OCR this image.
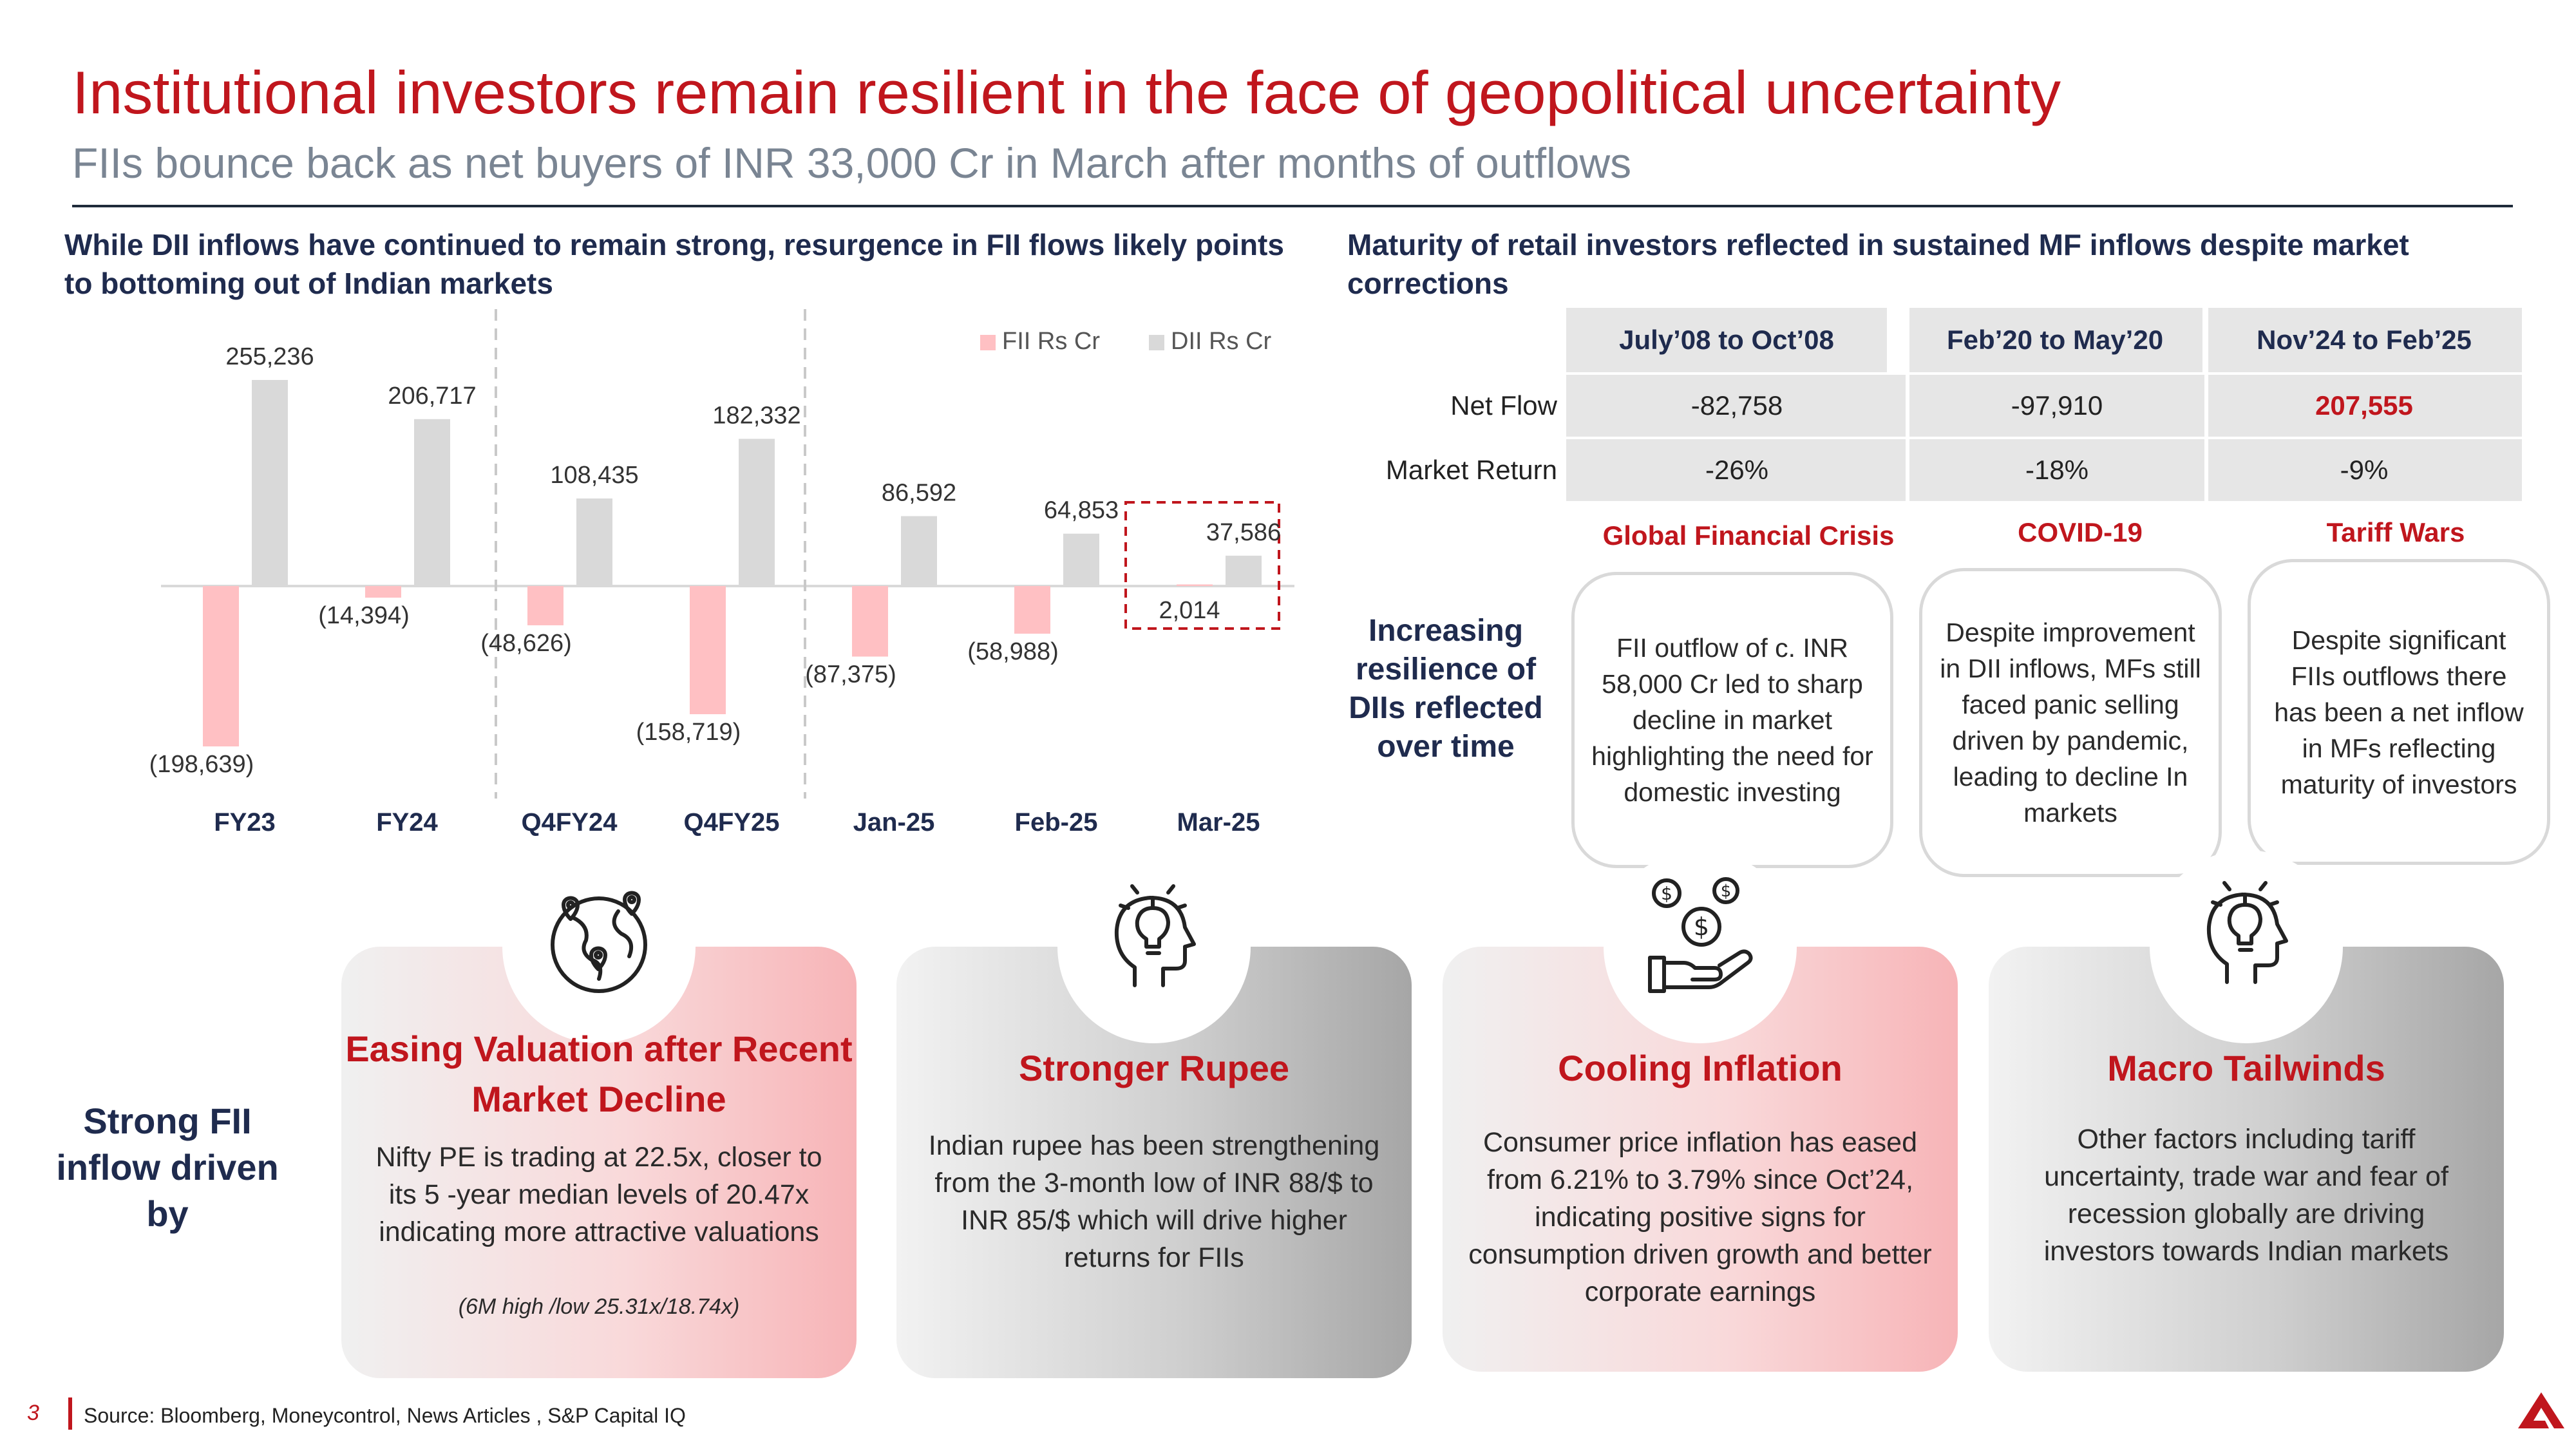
Institutional investors remain resilient in the face of geopolitical uncertainty
FIIs bounce back as net buyers of INR 33,000 Cr in March after months of outflows
While DII inflows have continued to remain strong, resurgence in FII flows likely points to bottoming out of Indian markets
Maturity of retail investors reflected in sustained MF inflows despite market corrections
255,236
(198,639)
206,717
(14,394)
108,435
(48,626)
182,332
(158,719)
86,592
(87,375)
64,853
(58,988)
37,586
2,014
FY23	FY24	Q4FY24	Q4FY25	Jan-25	Feb-25	Mar-25
FII Rs Cr	DII Rs Cr	July’08 to Oct’08	Feb’20 to May’20	Nov’24 to Feb’25
Net Flow	-82,758	-97,910	207,555
Market Return	-26%	-18%	-9%
Global Financial Crisis	COVID-19	Tariff Wars
Increasing resilience of DIIs reflected over time
FII outflow of c. INR 58,000 Cr led to sharp decline in market highlighting the need for domestic investing
Despite improvement in DII inflows, MFs still faced panic selling driven by pandemic, leading to decline In markets
Despite significant FIIs outflows there has been a net inflow in MFs reflecting maturity of investors
Strong FII inflow driven by
Easing Valuation after Recent Market Decline
Nifty PE is trading at 22.5x, closer to its 5 -year median levels of 20.47x indicating more attractive valuations
(6M high /low 25.31x/18.74x)
Stronger Rupee
Indian rupee has been strengthening from the 3-month low of INR 88/$ to INR 85/$ which will drive higher returns for FIIs
Cooling Inflation
Consumer price inflation has eased from 6.21% to 3.79% since Oct’24, indicating positive signs for consumption driven growth and better corporate earnings
Macro Tailwinds
Other factors including tariff uncertainty, trade war and fear of recession globally are driving investors towards Indian markets
$	$
$
3 Source: Bloomberg, Moneycontrol, News Articles , S&P Capital IQ
